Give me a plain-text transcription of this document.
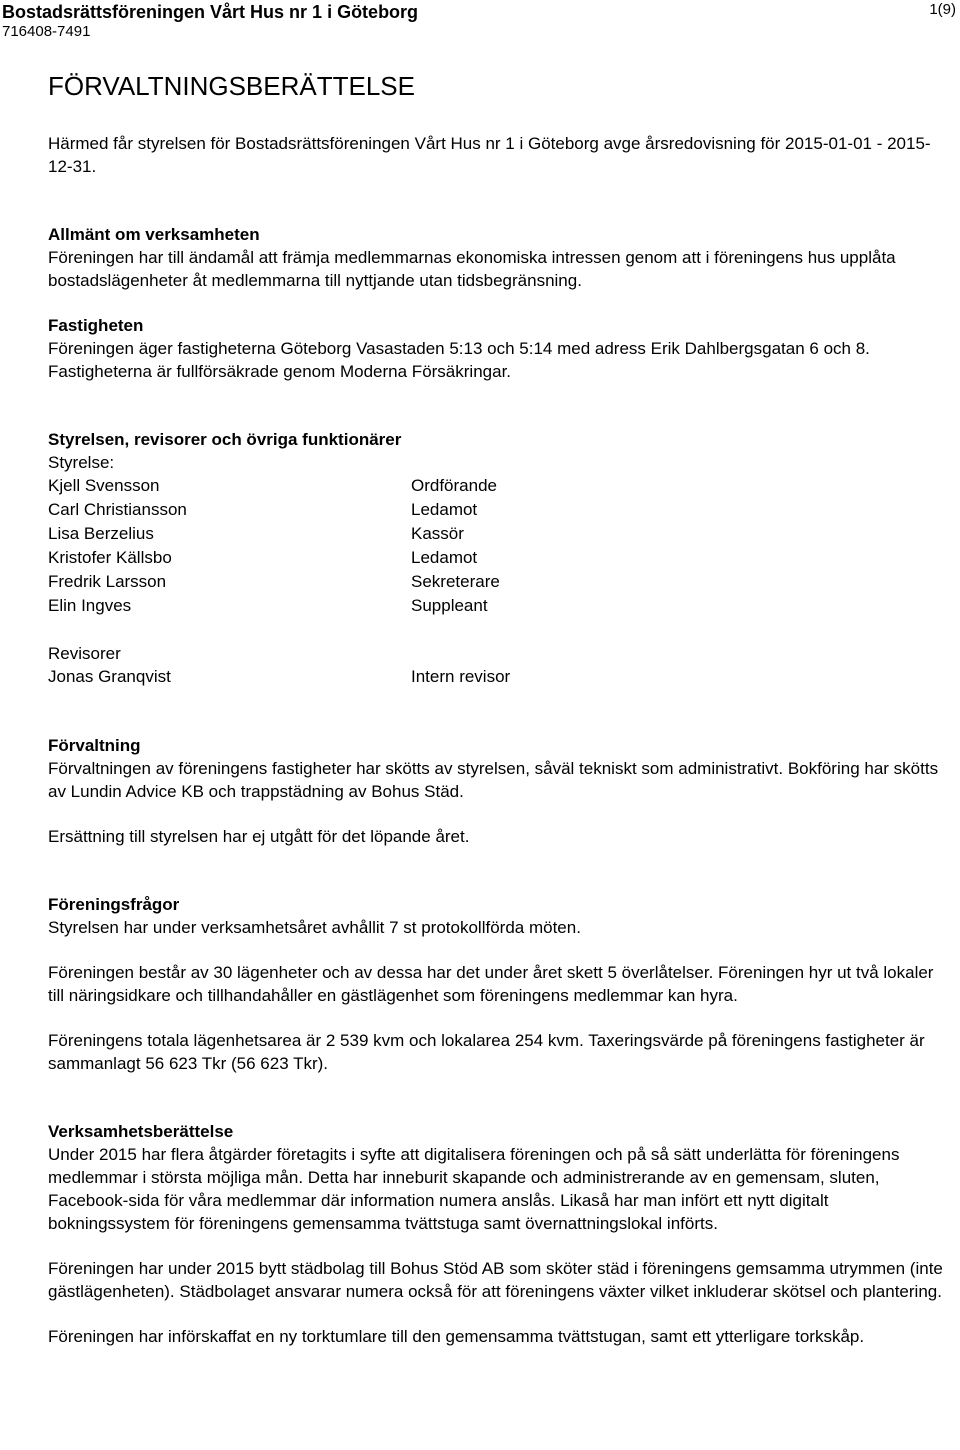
Bostadsrättsföreningen Vårt Hus nr 1 i Göteborg
716408-7491
1(9)
FÖRVALTNINGSBERÄTTELSE

Härmed får styrelsen för Bostadsrättsföreningen Vårt Hus nr 1 i Göteborg avge årsredovisning för 2015-01-01 - 2015-12-31.

Allmänt om verksamheten

Föreningen har till ändamål att främja medlemmarnas ekonomiska intressen genom att i föreningens hus upplåta bostadslägenheter åt medlemmarna till nyttjande utan tidsbegränsning.

Fastigheten

Föreningen äger fastigheterna Göteborg Vasastaden 5:13 och 5:14 med adress Erik Dahlbergsgatan 6 och 8. Fastigheterna är fullförsäkrade genom Moderna Försäkringar.

Styrelsen, revisorer och övriga funktionärer

Styrelse:

Kjell Svensson	Ordförande
Carl Christiansson	Ledamot
Lisa Berzelius	Kassör
Kristofer Källsbo	Ledamot
Fredrik Larsson	Sekreterare
Elin Ingves	Suppleant

Revisorer

Jonas Granqvist	Intern revisor

Förvaltning

Förvaltningen av föreningens fastigheter har skötts av styrelsen, såväl tekniskt som administrativt. Bokföring har skötts av Lundin Advice KB och trappstädning av Bohus Städ.

Ersättning till styrelsen har ej utgått för det löpande året.

Föreningsfrågor

Styrelsen har under verksamhetsåret avhållit 7 st protokollförda möten.

Föreningen består av 30 lägenheter och av dessa har det under året skett 5 överlåtelser. Föreningen hyr ut två lokaler till näringsidkare och tillhandahåller en gästlägenhet som föreningens medlemmar kan hyra.

Föreningens totala lägenhetsarea är 2 539 kvm och lokalarea 254 kvm. Taxeringsvärde på föreningens fastigheter är sammanlagt 56 623 Tkr (56 623 Tkr).

Verksamhetsberättelse

Under 2015 har flera åtgärder företagits i syfte att digitalisera föreningen och på så sätt underlätta för föreningens medlemmar i största möjliga mån. Detta har inneburit skapande och administrerande av en gemensam, sluten, Facebook-sida för våra medlemmar där information numera anslås. Likaså har man infört ett nytt digitalt bokningssystem för föreningens gemensamma tvättstuga samt övernattningslokal införts.

Föreningen har under 2015 bytt städbolag till Bohus Stöd AB som sköter städ i föreningens gemsamma utrymmen (inte gästlägenheten). Städbolaget ansvarar numera också för att föreningens växter vilket inkluderar skötsel och plantering.

Föreningen har införskaffat en ny torktumlare till den gemensamma tvättstugan, samt ett ytterligare torkskåp.
